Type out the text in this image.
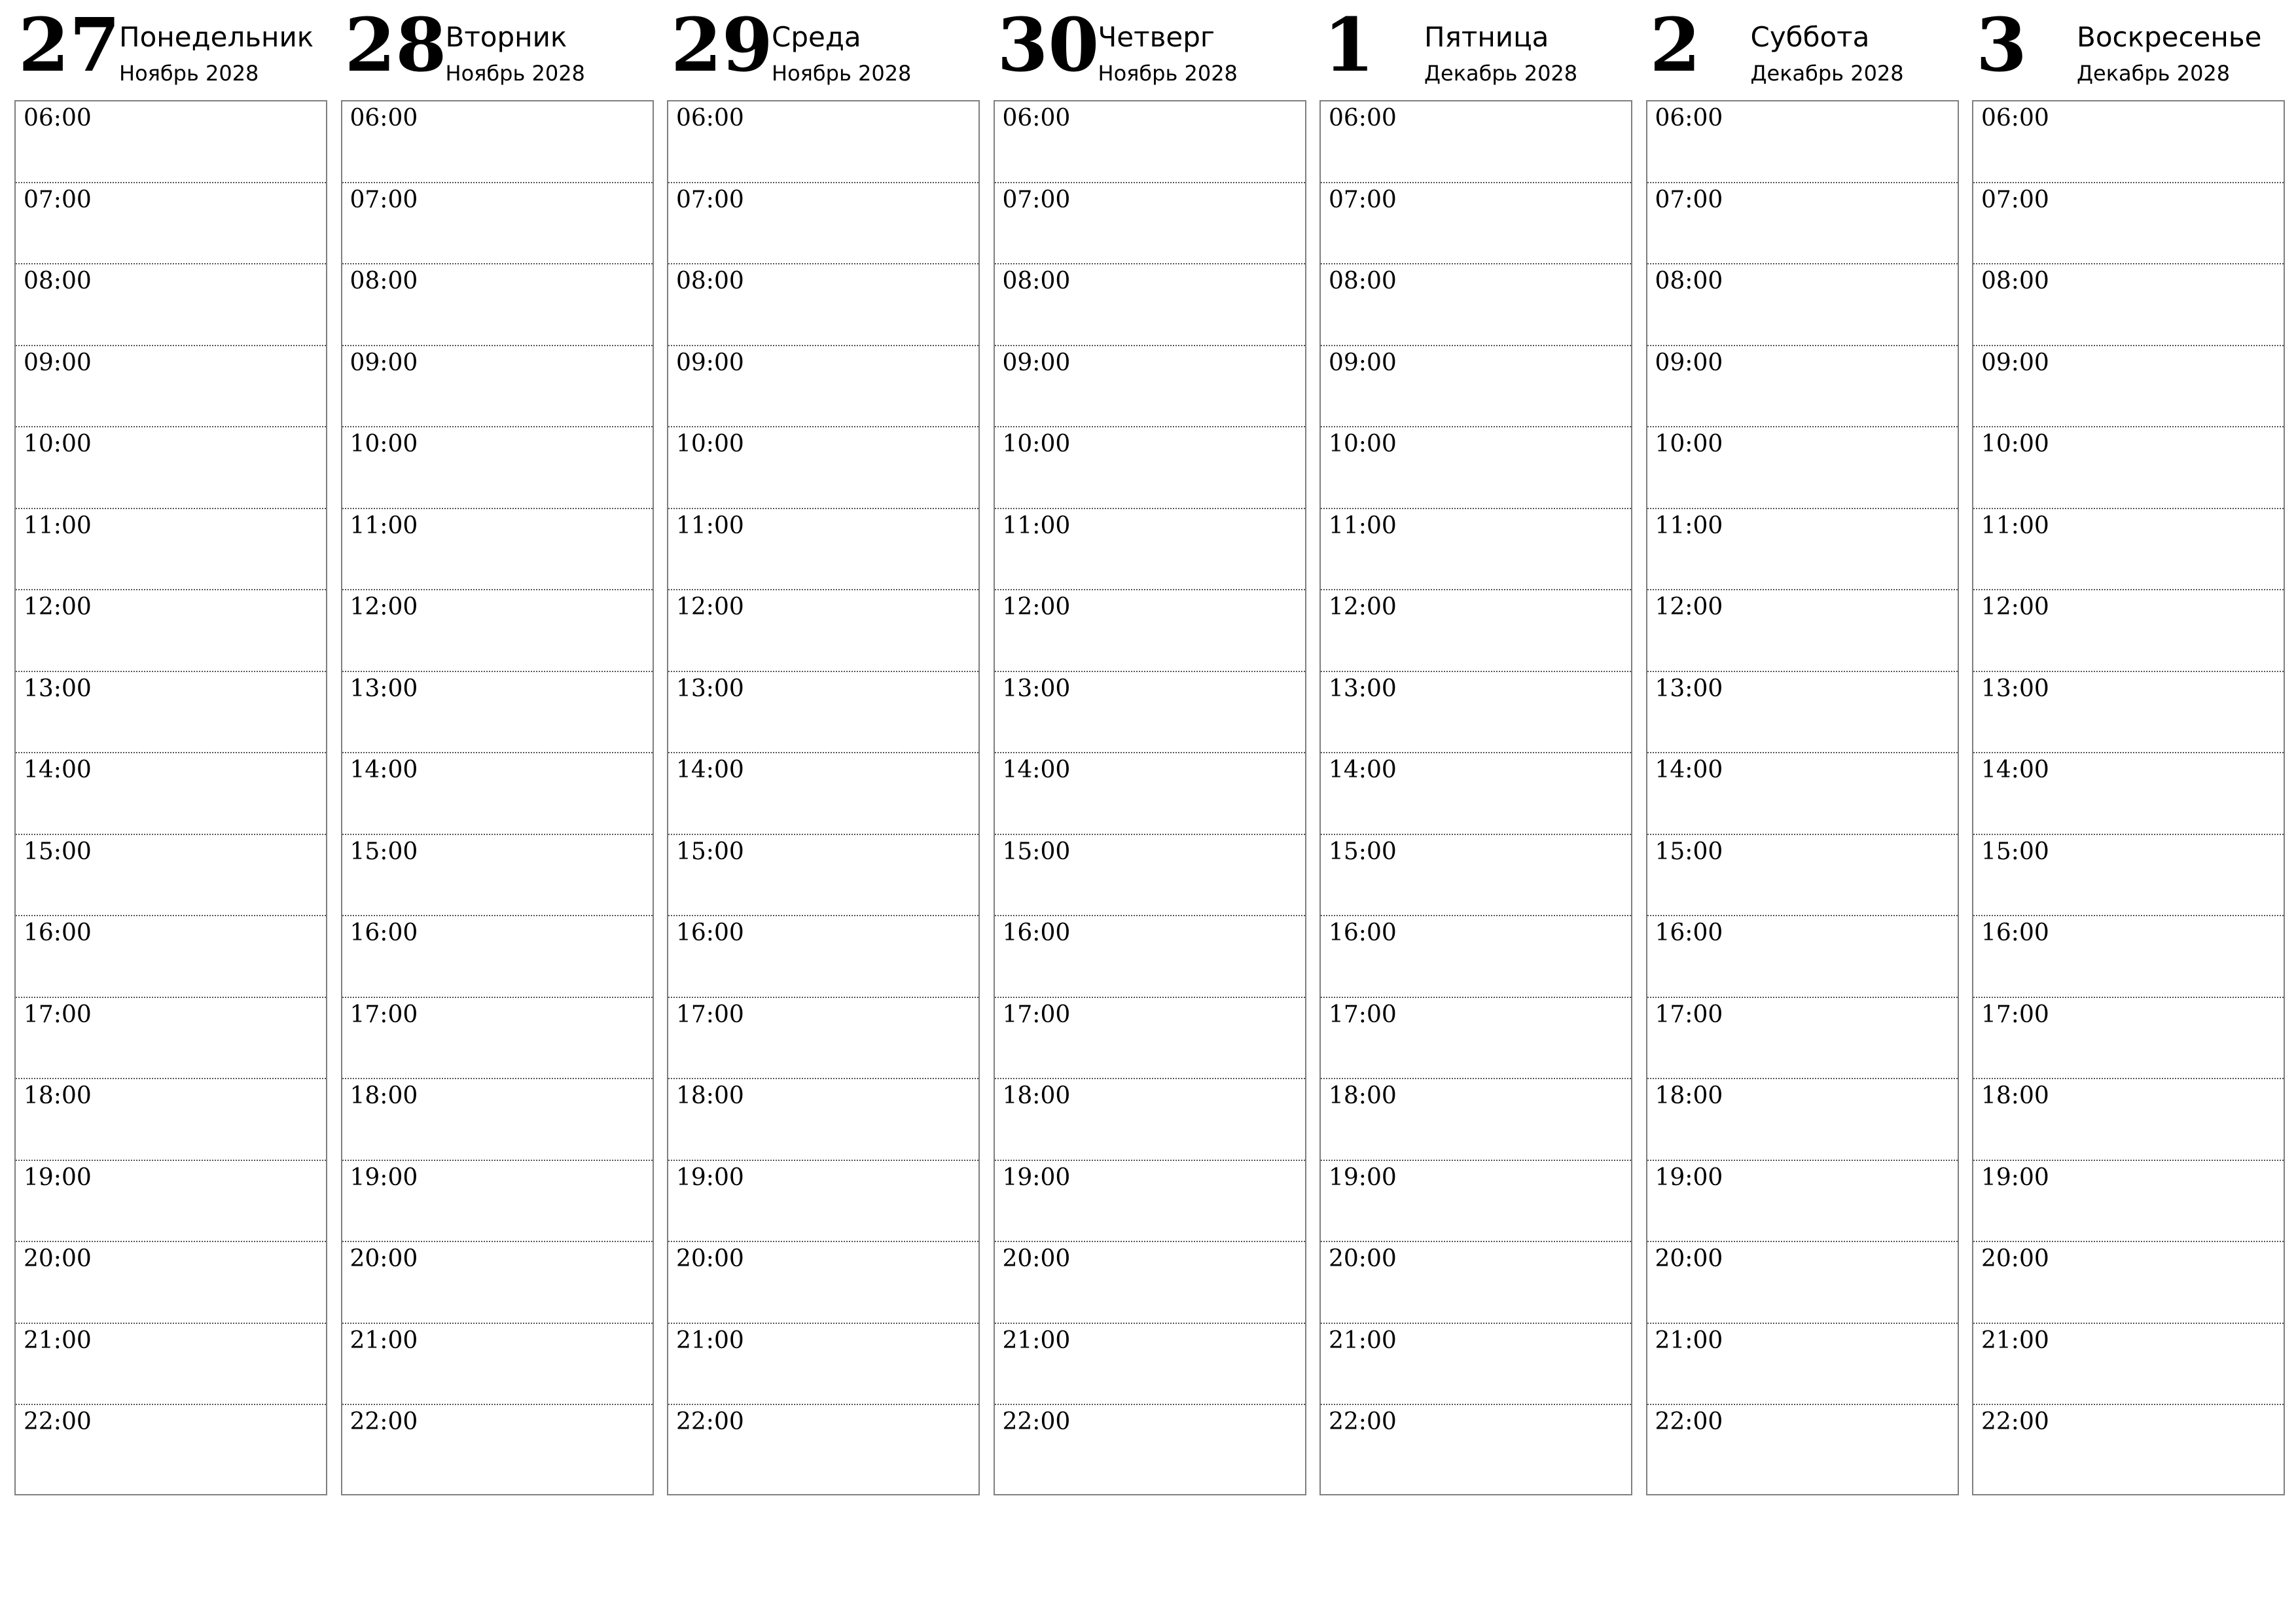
27
Понедельник
Ноябрь 2028
06:00
07:00
08:00
09:00
10:00
11:00
12:00
13:00
14:00
15:00
16:00
17:00
18:00
19:00
20:00
21:00
22:00
28
Вторник
Ноябрь 2028
06:00
07:00
08:00
09:00
10:00
11:00
12:00
13:00
14:00
15:00
16:00
17:00
18:00
19:00
20:00
21:00
22:00
29
Среда
Ноябрь 2028
06:00
07:00
08:00
09:00
10:00
11:00
12:00
13:00
14:00
15:00
16:00
17:00
18:00
19:00
20:00
21:00
22:00
30
Четверг
Ноябрь 2028
06:00
07:00
08:00
09:00
10:00
11:00
12:00
13:00
14:00
15:00
16:00
17:00
18:00
19:00
20:00
21:00
22:00
1 Пятница
Декабрь 2028
06:00
07:00
08:00
09:00
10:00
11:00
12:00
13:00
14:00
15:00
16:00
17:00
18:00
19:00
20:00
21:00
22:00
2 Суббота
Декабрь 2028
06:00
07:00
08:00
09:00
10:00
11:00
12:00
13:00
14:00
15:00
16:00
17:00
18:00
19:00
20:00
21:00
22:00
3 Воскресенье
Декабрь 2028
06:00
07:00
08:00
09:00
10:00
11:00
12:00
13:00
14:00
15:00
16:00
17:00
18:00
19:00
20:00
21:00
22:00
